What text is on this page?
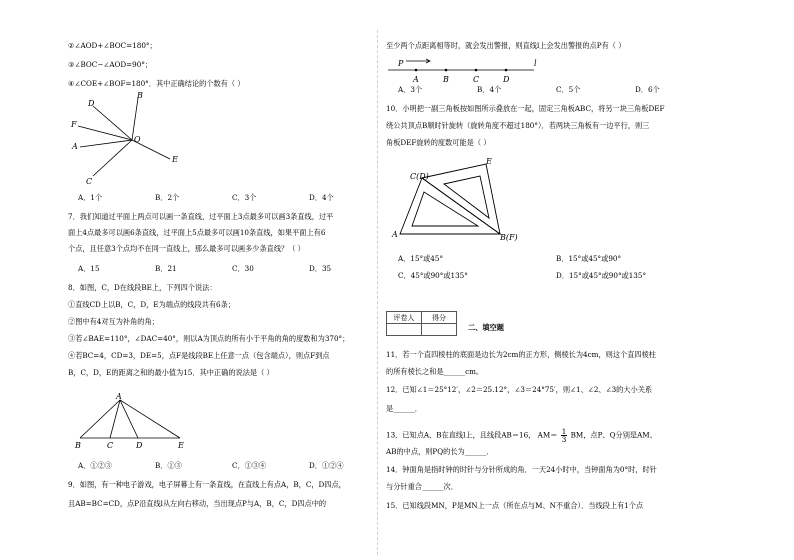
②∠AOD+∠BOC=180°；
③∠BOC−∠AOD=90°；
④∠COE+∠BOF=180°．其中正确结论的个数有（ ）
D
B
F
O
A
E
C
A．1个	B．2个	C．3个	D．4个
7．我们知道过平面上两点可以画一条直线，过平面上3点最多可以画3条直线，过平
面上4点最多可以画6条直线，过平面上5点最多可以画10条直线，如果平面上有6
个点，且任意3个点均不在同一直线上，那么最多可以画多少条直线？（ ）
A．15	B．21	C．30	D．35
8．如图，C，D在线段BE上，下列四个说法：
①直线CD上以B，C，D，E为端点的线段共有6条；
②图中有4对互为补角的角；
③若∠BAE=110°，∠DAC=40°，则以A为顶点的所有小于平角的角的度数和为370°；
④若BC=4，CD=3，DE=5，点F是线段BE上任意一点（包含端点），则点F到点
B，C，D，E的距离之和的最小值为15．其中正确的说法是（ ）
A
B	C	D	E
A．①②③	B．①③	C．①③④	D．①②④
9．如图，有一种电子游戏，电子屏幕上有一条直线，在直线上有点A，B，C，D四点，
且AB=BC=CD，点P沿直线l从左向右移动，当出现点P与A，B，C，D四点中的
至少两个点距离相等时，就会发出警报，则直线l上会发出警报的点P有（ ）
P
A	B	C	D
l
A．3个	B．4个	C．5个	D．6个
10．小明把一副三角板按如图所示叠放在一起，固定三角板ABC，将另一块三角板DEF
绕公共顶点B顺时针旋转（旋转角度不超过180°）．若两块三角板有一边平行，则三
角板DEF旋转的度数可能是（ ）
C(D)
E
A	B(F)
A．15°或45°	B．15°或45°或90°
C．45°或90°或135°	D．15°或45°或90°或135°
评卷人	得分

二、填空题
11．若一个直四棱柱的底面是边长为2cm的正方形，侧棱长为4cm，则这个直四棱柱
的所有棱长之和是______cm。
12．已知∠1＝25°12′，∠2＝25.12°，∠3＝24°75′，则∠1、∠2、∠3的大小关系
是______．
13．已知点A、B在直线l上，且线段AB＝16， $AM= \frac{1}{3}$ BM，点P、Q分别是AM、
AB的中点，则PQ的长为______．
14．钟面角是指时钟的时针与分针所成的角．一天24小时中，当钟面角为0°时，时针
与分针重合______次．
15．已知线段MN，P是MN上一点（所在点与M、N不重合）．当线段上有1个点
